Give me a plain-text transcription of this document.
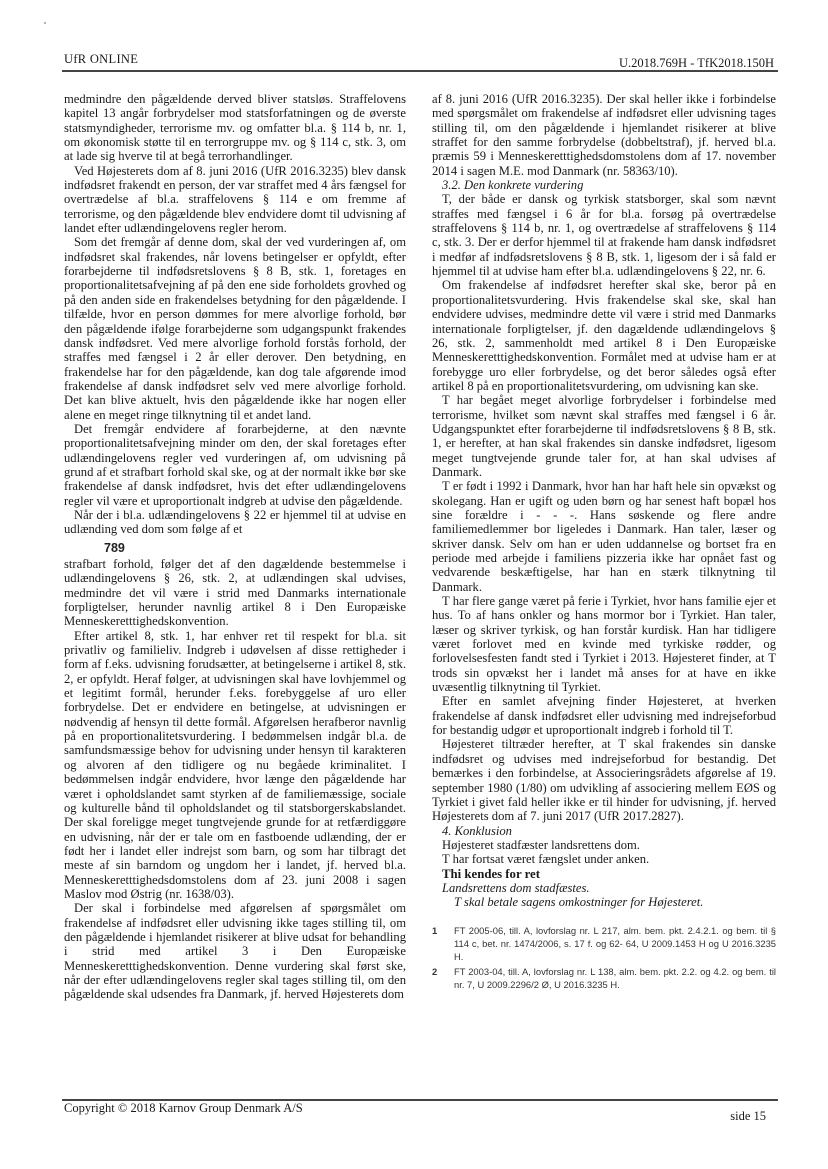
UfR ONLINE	U.2018.769H - TfK2018.150H

medmindre den pågældende derved bliver statsløs. Straffelovens kapitel 13 angår forbrydelser mod statsforfatningen og de øverste statsmyndigheder, terrorisme mv. og omfatter bl.a. § 114 b, nr. 1, om økonomisk støtte til en terrorgruppe mv. og § 114 c, stk. 3, om at lade sig hverve til at begå terrorhandlinger.

Ved Højesterets dom af 8. juni 2016 (UfR 2016.3235) blev dansk indfødsret frakendt en person, der var straffet med 4 års fængsel for overtrædelse af bl.a. straffelovens § 114 e om fremme af terrorisme, og den pågældende blev endvidere domt til udvisning af landet efter udlændingelovens regler herom.

Som det fremgår af denne dom, skal der ved vurderingen af, om indfødsret skal frakendes, når lovens betingelser er opfyldt, efter forarbejderne til indfødsretslovens § 8 B, stk. 1, foretages en proportionalitetsafvejning af på den ene side forholdets grovhed og på den anden side en frakendelses betydning for den pågældende. I tilfælde, hvor en person dømmes for mere alvorlige forhold, bør den pågældende ifølge forarbejderne som udgangspunkt frakendes dansk indfødsret. Ved mere alvorlige forhold forstås forhold, der straffes med fængsel i 2 år eller derover. Den betydning, en frakendelse har for den pågældende, kan dog tale afgørende imod frakendelse af dansk indfødsret selv ved mere alvorlige forhold. Det kan blive aktuelt, hvis den pågældende ikke har nogen eller alene en meget ringe tilknytning til et andet land.

Det fremgår endvidere af forarbejderne, at den nævnte proportionalitetsafvejning minder om den, der skal foretages efter udlændingelovens regler ved vurderingen af, om udvisning på grund af et strafbart forhold skal ske, og at der normalt ikke bør ske frakendelse af dansk indfødsret, hvis det efter udlændingelovens regler vil være et uproportionalt indgreb at udvise den pågældende.

Når der i bl.a. udlændingelovens § 22 er hjemmel til at udvise en udlænding ved dom som følge af et

789

strafbart forhold, følger det af den dagældende bestemmelse i udlændingelovens § 26, stk. 2, at udlændingen skal udvises, medmindre det vil være i strid med Danmarks internationale forpligtelser, herunder navnlig artikel 8 i Den Europæiske Menneskeretttighedskonvention.

Efter artikel 8, stk. 1, har enhver ret til respekt for bl.a. sit privatliv og familieliv. Indgreb i udøvelsen af disse rettigheder i form af f.eks. udvisning forudsætter, at betingelserne i artikel 8, stk. 2, er opfyldt. Heraf følger, at udvisningen skal have lovhjemmel og et legitimt formål, herunder f.eks. forebyggelse af uro eller forbrydelse. Det er endvidere en betingelse, at udvisningen er nødvendig af hensyn til dette formål. Afgørelsen herafberor navnlig på en proportionalitetsvurdering. I bedømmelsen indgår bl.a. de samfundsmæssige behov for udvisning under hensyn til karakteren og alvoren af den tidligere og nu begåede kriminalitet. I bedømmelsen indgår endvidere, hvor længe den pågældende har været i opholdslandet samt styrken af de familiemæssige, sociale og kulturelle bånd til opholdslandet og til statsborgerskabslandet. Der skal foreligge meget tungtvejende grunde for at retfærdiggøre en udvisning, når der er tale om en fastboende udlænding, der er født her i landet eller indrejst som barn, og som har tilbragt det meste af sin barndom og ungdom her i landet, jf. herved bl.a. Menneskeretttighedsdomstolens dom af 23. juni 2008 i sagen Maslov mod Østrig (nr. 1638/03).

Der skal i forbindelse med afgørelsen af spørgsmålet om frakendelse af indfødsret eller udvisning ikke tages stilling til, om den pågældende i hjemlandet risikerer at blive udsat for behandling i strid med artikel 3 i Den Europæiske Menneskeretttighedskonvention. Denne vurdering skal først ske, når der efter udlændingelovens regler skal tages stilling til, om den pågældende skal udsendes fra Danmark, jf. herved Højesterets dom

af 8. juni 2016 (UfR 2016.3235). Der skal heller ikke i forbindelse med spørgsmålet om frakendelse af indfødsret eller udvisning tages stilling til, om den pågældende i hjemlandet risikerer at blive straffet for den samme forbrydelse (dobbeltstraf), jf. herved bl.a. præmis 59 i Menneskeretttighedsdomstolens dom af 17. november 2014 i sagen M.E. mod Danmark (nr. 58363/10).

3.2. Den konkrete vurdering

T, der både er dansk og tyrkisk statsborger, skal som nævnt straffes med fængsel i 6 år for bl.a. forsøg på overtrædelse straffelovens § 114 b, nr. 1, og overtrædelse af straffelovens § 114 c, stk. 3. Der er derfor hjemmel til at frakende ham dansk indfødsret i medfør af indfødsretslovens § 8 B, stk. 1, ligesom der i så fald er hjemmel til at udvise ham efter bl.a. udlændingelovens § 22, nr. 6.

Om frakendelse af indfødsret herefter skal ske, beror på en proportionalitetsvurdering. Hvis frakendelse skal ske, skal han endvidere udvises, medmindre dette vil være i strid med Danmarks internationale forpligtelser, jf. den dagældende udlændingelovs § 26, stk. 2, sammenholdt med artikel 8 i Den Europæiske Menneskeretttighedskonvention. Formålet med at udvise ham er at forebygge uro eller forbrydelse, og det beror således også efter artikel 8 på en proportionalitetsvurdering, om udvisning kan ske.

T har begået meget alvorlige forbrydelser i forbindelse med terrorisme, hvilket som nævnt skal straffes med fængsel i 6 år. Udgangspunktet efter forarbejderne til indfødsretslovens § 8 B, stk. 1, er herefter, at han skal frakendes sin danske indfødsret, ligesom meget tungtvejende grunde taler for, at han skal udvises af Danmark.

T er født i 1992 i Danmark, hvor han har haft hele sin opvækst og skolegang. Han er ugift og uden børn og har senest haft bopæl hos sine forældre i - - -. Hans søskende og flere andre familiemedlemmer bor ligeledes i Danmark. Han taler, læser og skriver dansk. Selv om han er uden uddannelse og bortset fra en periode med arbejde i familiens pizzeria ikke har opnået fast og vedvarende beskæftigelse, har han en stærk tilknytning til Danmark.

T har flere gange været på ferie i Tyrkiet, hvor hans familie ejer et hus. To af hans onkler og hans mormor bor i Tyrkiet. Han taler, læser og skriver tyrkisk, og han forstår kurdisk. Han har tidligere været forlovet med en kvinde med tyrkiske rødder, og forlovelsesfesten fandt sted i Tyrkiet i 2013. Højesteret finder, at T trods sin opvækst her i landet må anses for at have en ikke uvæsentlig tilknytning til Tyrkiet.

Efter en samlet afvejning finder Højesteret, at hverken frakendelse af dansk indfødsret eller udvisning med indrejseforbud for bestandig udgør et uproportionalt indgreb i forhold til T.

Højesteret tiltræder herefter, at T skal frakendes sin danske indfødsret og udvises med indrejseforbud for bestandig. Det bemærkes i den forbindelse, at Associeringsrådets afgørelse af 19. september 1980 (1/80) om udvikling af associering mellem EØS og Tyrkiet i givet fald heller ikke er til hinder for udvisning, jf. herved Højesterets dom af 7. juni 2017 (UfR 2017.2827).

4. Konklusion

Højesteret stadfæster landsrettens dom.

T har fortsat været fængslet under anken.

Thi kendes for ret

Landsrettens dom stadfæstes.

T skal betale sagens omkostninger for Højesteret.

1	FT 2005-06, till. A, lovforslag nr. L 217, alm. bem. pkt. 2.4.2.1. og bem. til § 114 c, bet. nr. 1474/2006, s. 17 f. og 62- 64, U 2009.1453 H og U 2016.3235 H.
2	FT 2003-04, till. A, lovforslag nr. L 138, alm. bem. pkt. 2.2. og 4.2. og bem. til nr. 7, U 2009.2296/2 Ø, U 2016.3235 H.
Copyright © 2018 Karnov Group Denmark A/S
side 15
